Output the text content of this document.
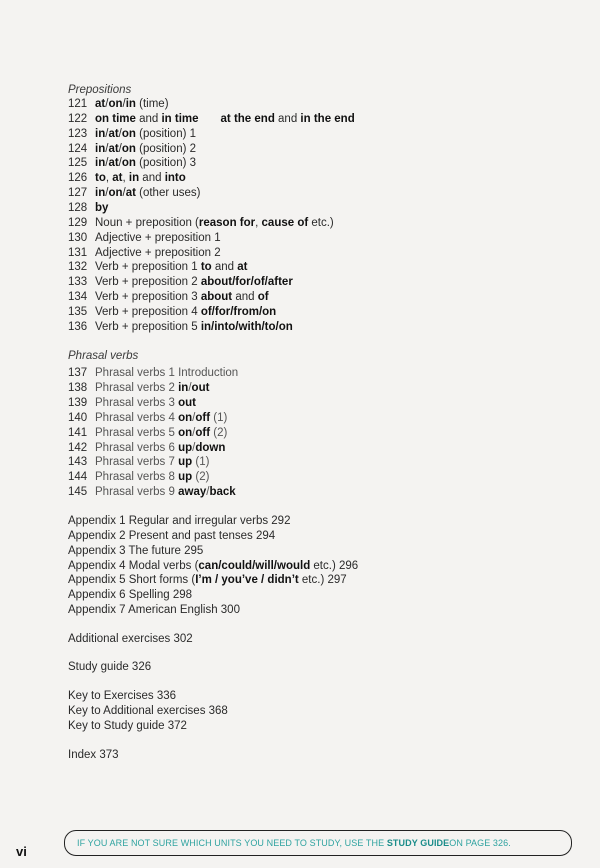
Prepositions
121 at/on/in (time)
122 on time and in time at the end and in the end
123 in/at/on (position) 1
124 in/at/on (position) 2
125 in/at/on (position) 3
126 to, at, in and into
127 in/on/at (other uses)
128 by
129 Noun + preposition (reason for, cause of etc.)
130 Adjective + preposition 1
131 Adjective + preposition 2
132 Verb + preposition 1 to and at
133 Verb + preposition 2 about/for/of/after
134 Verb + preposition 3 about and of
135 Verb + preposition 4 of/for/from/on
136 Verb + preposition 5 in/into/with/to/on
Phrasal verbs
137 Phrasal verbs 1 Introduction
138 Phrasal verbs 2 in/out
139 Phrasal verbs 3 out
140 Phrasal verbs 4 on/off (1)
141 Phrasal verbs 5 on/off (2)
142 Phrasal verbs 6 up/down
143 Phrasal verbs 7 up (1)
144 Phrasal verbs 8 up (2)
145 Phrasal verbs 9 away/back
Appendix 1 Regular and irregular verbs 292
Appendix 2 Present and past tenses 294
Appendix 3 The future 295
Appendix 4 Modal verbs (can/could/will/would etc.) 296
Appendix 5 Short forms (I’m / you’ve / didn’t etc.) 297
Appendix 6 Spelling 298
Appendix 7 American English 300
Additional exercises 302
Study guide 326
Key to Exercises 336
Key to Additional exercises 368
Key to Study guide 372
Index 373
vi
IF YOU ARE NOT SURE WHICH UNITS YOU NEED TO STUDY, USE THE
STUDY GUIDE ON PAGE 326.
